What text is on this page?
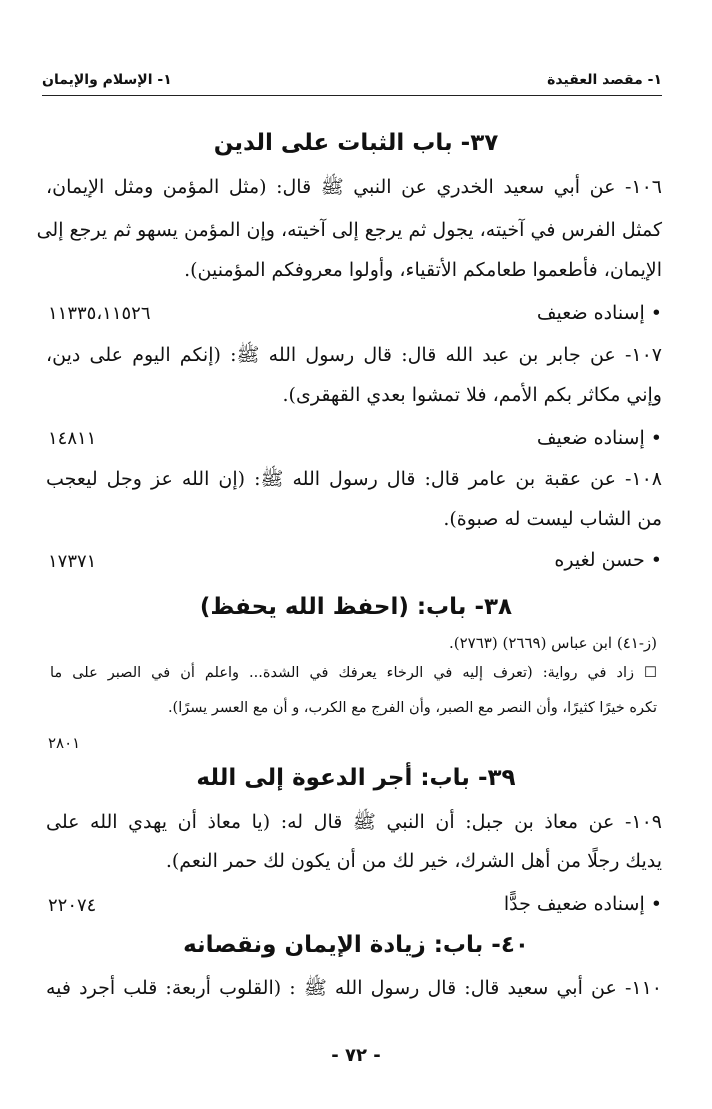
١- مقصد العقيدة
١- الإسلام والإيمان
٣٧- باب الثبات على الدين
١٠٦- عن أبي سعيد الخدري عن النبي ﷺ قال: (مثل المؤمن ومثل الإيمان،
كمثل الفرس في آخيته، يجول ثم يرجع إلى آخيته، وإن المؤمن يسهو ثم يرجع إلى
الإيمان، فأطعموا طعامكم الأتقياء، وأولوا معروفكم المؤمنين).
• إسناده ضعيف
١١٣٣٥،١١٥٢٦
١٠٧- عن جابر بن عبد الله قال: قال رسول الله ﷺ: (إنكم اليوم على دين،
وإني مكاثر بكم الأمم، فلا تمشوا بعدي القهقرى).
• إسناده ضعيف
١٤٨١١
١٠٨- عن عقبة بن عامر قال: قال رسول الله ﷺ: (إن الله عز وجل ليعجب
من الشاب ليست له صبوة).
• حسن لغيره
١٧٣٧١
٣٨- باب: (احفظ الله يحفظ)
(ز-٤١) ابن عباس (٢٦٦٩) (٢٧٦٣).
☐ زاد في رواية: (تعرف إليه في الرخاء يعرفك في الشدة... واعلم أن في الصبر على ما
تكره خيرًا كثيرًا، وأن النصر مع الصبر، وأن الفرج مع الكرب، و أن مع العسر يسرًا).
٢٨٠١
٣٩- باب: أجر الدعوة إلى الله
١٠٩- عن معاذ بن جبل: أن النبي ﷺ قال له: (يا معاذ أن يهدي الله على
يديك رجلًا من أهل الشرك، خير لك من أن يكون لك حمر النعم).
• إسناده ضعيف جدًّا
٢٢٠٧٤
٤٠- باب: زيادة الإيمان ونقصانه
١١٠- عن أبي سعيد قال: قال رسول الله ﷺ : (القلوب أربعة: قلب أجرد فيه
- ٧٢ -
